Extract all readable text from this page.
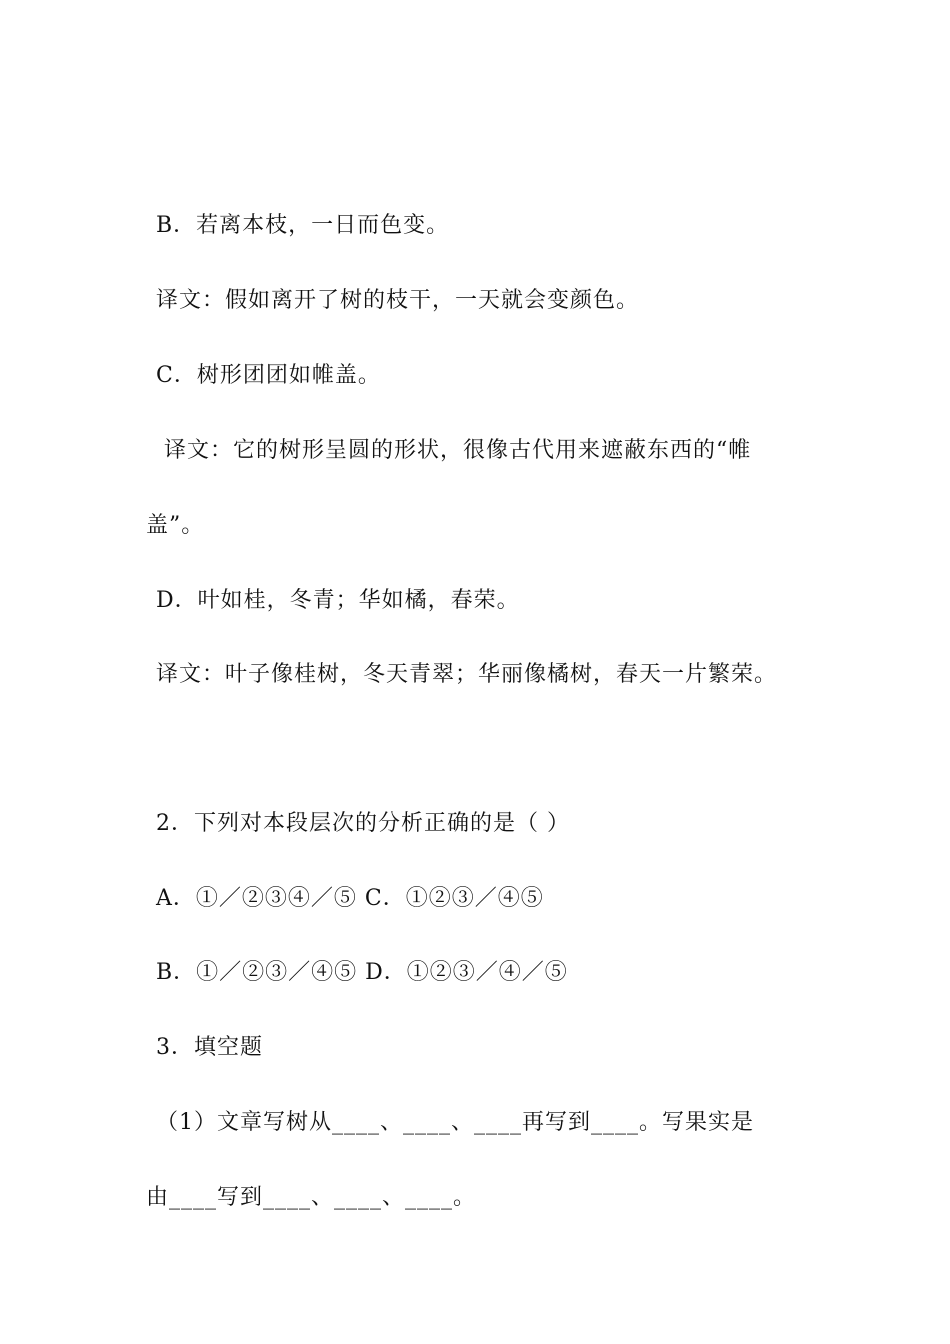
B．若离本枝，一日而色变。
译文：假如离开了树的枝干，一天就会变颜色。
C．树形团团如帷盖。
译文：它的树形呈圆的形状，很像古代用来遮蔽东西的“帷
盖”。
D．叶如桂，冬青；华如橘，春荣。
译文：叶子像桂树，冬天青翠；华丽像橘树，春天一片繁荣。
2．下列对本段层次的分析正确的是（ ）
A．①／②③④／⑤ C．①②③／④⑤
B．①／②③／④⑤ D．①②③／④／⑤
3．填空题
（1）文章写树从____、____、____再写到____。写果实是
由____写到____、____、____。
